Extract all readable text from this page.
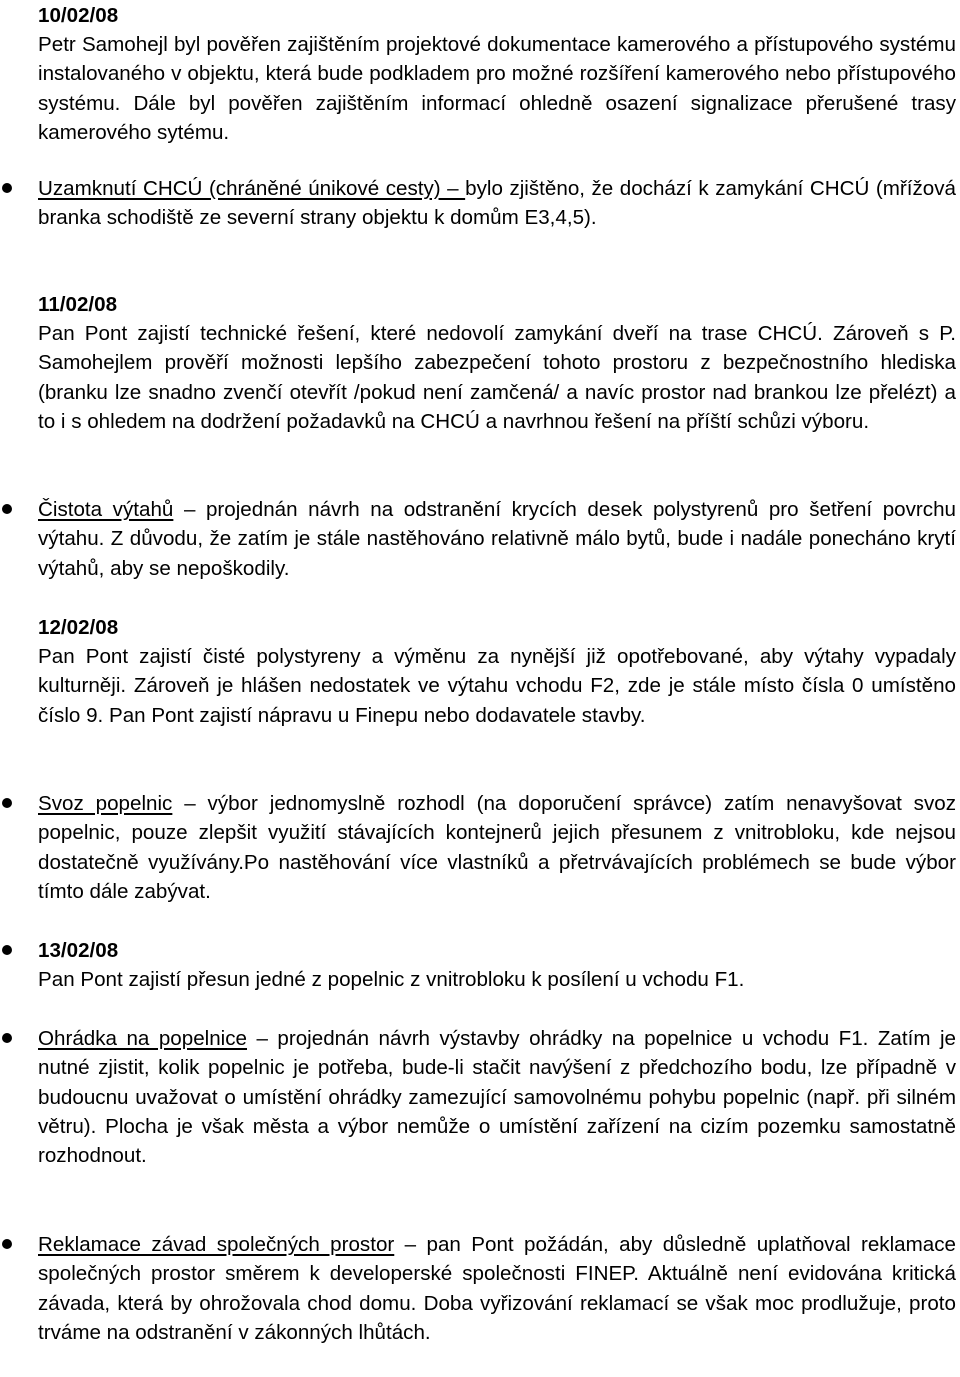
10/02/08
Petr Samohejl byl pověřen zajištěním projektové dokumentace kamerového a přístupového systému instalovaného v objektu, která bude podkladem pro možné rozšíření kamerového nebo přístupového systému. Dále byl pověřen zajištěním informací ohledně osazení signalizace přerušené trasy kamerového sytému.
Uzamknutí CHCÚ (chráněné únikové cesty) – bylo zjištěno, že dochází k zamykání CHCÚ (mřížová branka schodiště ze severní strany objektu k domům E3,4,5).
11/02/08
Pan Pont zajistí technické řešení, které nedovolí zamykání dveří na trase CHCÚ. Zároveň s P. Samohejlem prověří možnosti lepšího zabezpečení tohoto prostoru z bezpečnostního hlediska (branku lze snadno zvenčí otevřít /pokud není zamčená/ a navíc prostor nad brankou lze přelézt) a to i s ohledem na dodržení požadavků na CHCÚ a navrhnou řešení na příští schůzi výboru.
Čistota výtahů – projednán návrh na odstranění krycích desek polystyrenů pro šetření povrchu výtahu. Z důvodu, že zatím je stále nastěhováno relativně málo bytů, bude i nadále ponecháno krytí výtahů, aby se nepoškodily.
12/02/08
Pan Pont zajistí čisté polystyreny a výměnu za nynější již opotřebované, aby výtahy vypadaly kulturněji. Zároveň je hlášen nedostatek ve výtahu vchodu F2, zde je stále místo čísla 0 umístěno číslo 9. Pan Pont zajistí nápravu u Finepu nebo dodavatele stavby.
Svoz popelnic – výbor jednomyslně rozhodl (na doporučení správce) zatím nenavyšovat svoz popelnic, pouze zlepšit využití stávajících kontejnerů jejich přesunem z vnitrobloku, kde nejsou dostatečně využívány.Po nastěhování více vlastníků a přetrvávajících problémech se bude výbor tímto dále zabývat.
13/02/08
Pan Pont zajistí přesun jedné z popelnic z vnitrobloku k posílení u vchodu F1.
Ohrádka na popelnice – projednán návrh výstavby ohrádky na popelnice u vchodu F1. Zatím je nutné zjistit, kolik popelnic je potřeba, bude-li stačit navýšení z předchozího bodu, lze případně v budoucnu uvažovat o umístění ohrádky zamezující samovolnému pohybu popelnic (např. při silném větru). Plocha je však města a výbor nemůže o umístění zařízení na cizím pozemku samostatně rozhodnout.
Reklamace závad společných prostor – pan Pont požádán, aby důsledně uplatňoval reklamace společných prostor směrem k developerské společnosti FINEP. Aktuálně není evidována kritická závada, která by ohrožovala chod domu. Doba vyřizování reklamací se však moc prodlužuje, proto trváme na odstranění v zákonných lhůtách.
